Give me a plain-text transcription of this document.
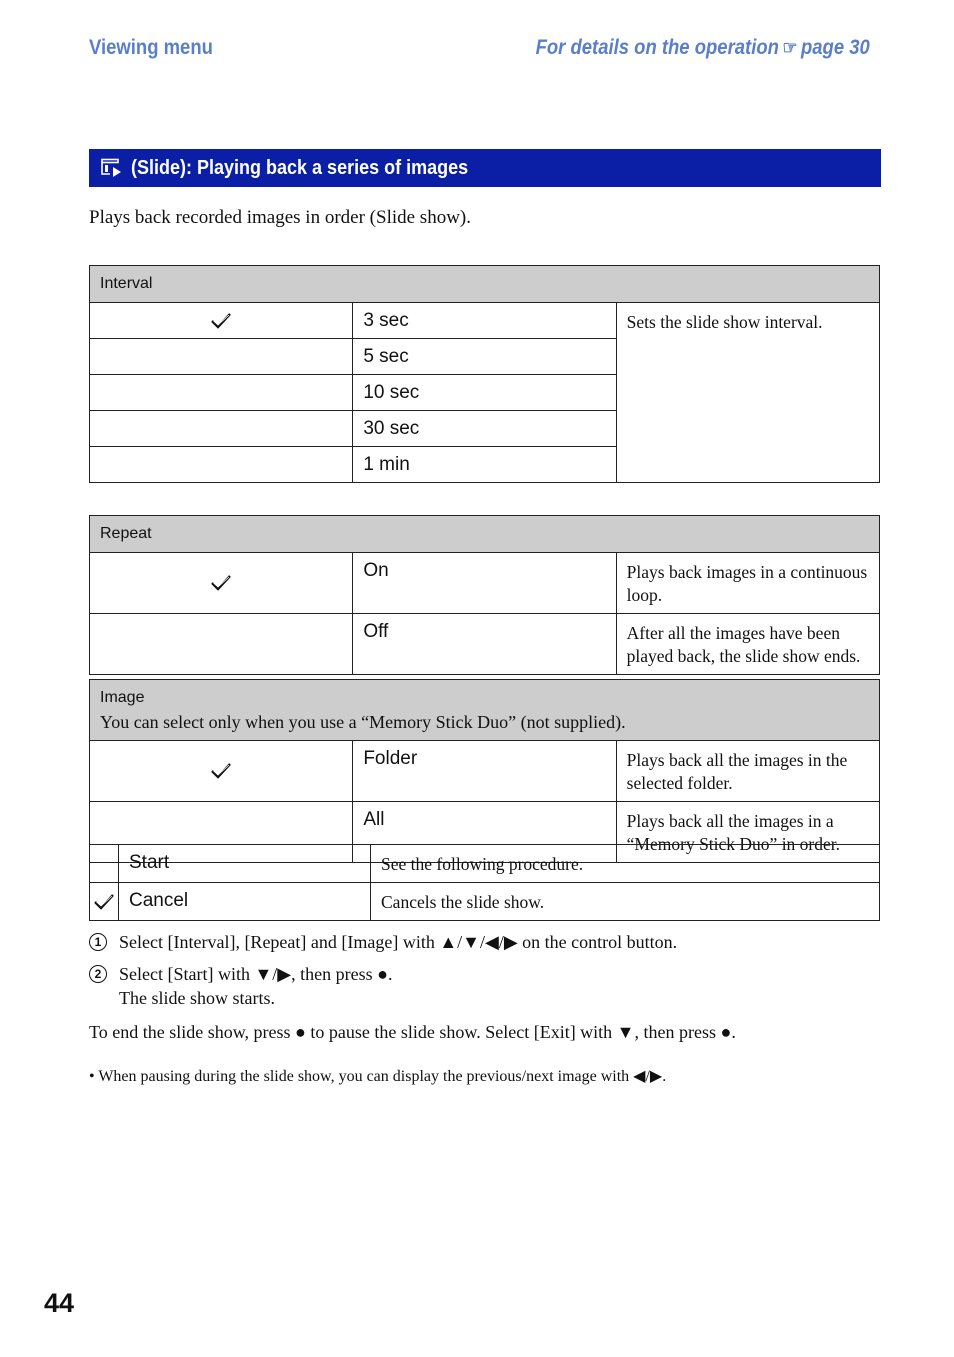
Viewing menu	For details on the operation ☞ page 30
(Slide): Playing back a series of images
Plays back recorded images in order (Slide show).
Interval		

	3 sec	Sets the slide show interval.
	5 sec	
	10 sec	
	30 sec	
	1 min	
Repeat		

	On	Plays back images in a continuous loop.
	Off	After all the images have been played back, the slide show ends.
Image
You can select only when you use a “Memory Stick Duo” (not supplied).		

	Folder	Plays back all the images in the selected folder.
	All	Plays back all the images in a “Memory Stick Duo” in order.
	Start	See the following procedure.

	Cancel	Cancels the slide show.
1 Select [Interval], [Repeat] and [Image] with ▲/▼/◀/▶ on the control button.
2 Select [Start] with ▼/▶, then press ●.
The slide show starts.
To end the slide show, press ● to pause the slide show. Select [Exit] with ▼, then press ●.
• When pausing during the slide show, you can display the previous/next image with ◀/▶.
44
